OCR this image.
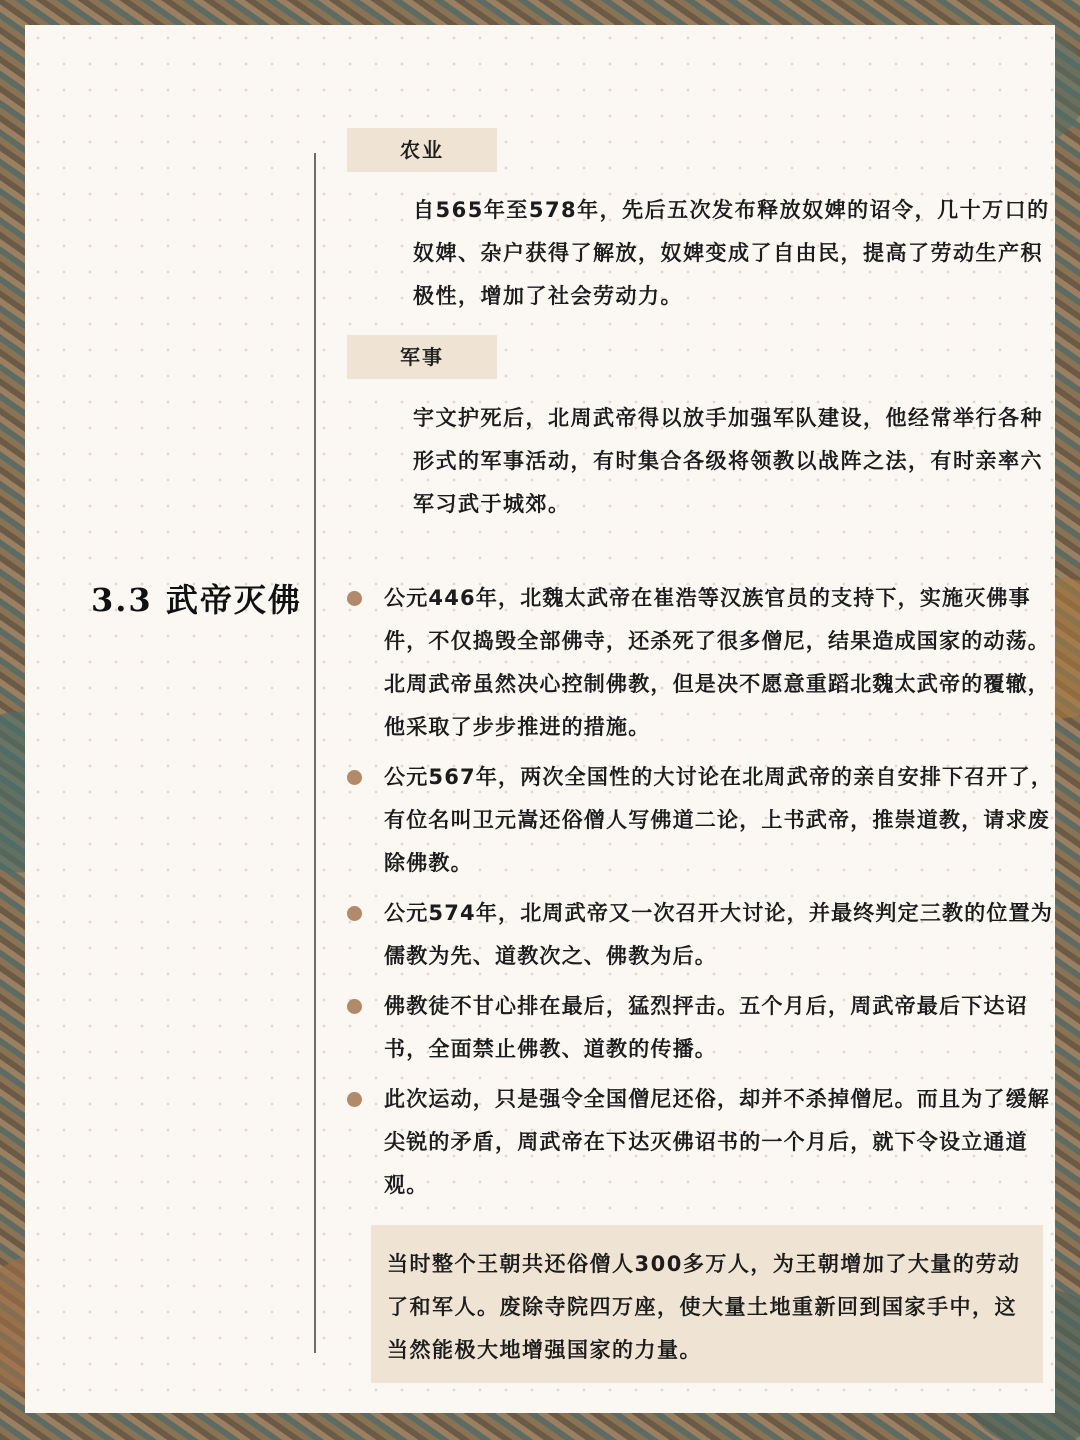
农业
自565年至578年，先后五次发布释放奴婢的诏令，几十万口的奴婢、杂户获得了解放，奴婢变成了自由民，提高了劳动生产积极性，增加了社会劳动力。
军事
宇文护死后，北周武帝得以放手加强军队建设，他经常举行各种形式的军事活动，有时集合各级将领教以战阵之法，有时亲率六军习武于城郊。
3.3 武帝灭佛	公元446年，北魏太武帝在崔浩等汉族官员的支持下，实施灭佛事件，不仅捣毁全部佛寺，还杀死了很多僧尼，结果造成国家的动荡。北周武帝虽然决心控制佛教，但是决不愿意重蹈北魏太武帝的覆辙，他采取了步步推进的措施。
公元567年，两次全国性的大讨论在北周武帝的亲自安排下召开了，有位名叫卫元嵩还俗僧人写佛道二论，上书武帝，推崇道教，请求废除佛教。
公元574年，北周武帝又一次召开大讨论，并最终判定三教的位置为儒教为先、道教次之、佛教为后。
佛教徒不甘心排在最后，猛烈抨击。五个月后，周武帝最后下达诏书，全面禁止佛教、道教的传播。
此次运动，只是强令全国僧尼还俗，却并不杀掉僧尼。而且为了缓解尖锐的矛盾，周武帝在下达灭佛诏书的一个月后，就下令设立通道观。
当时整个王朝共还俗僧人300多万人，为王朝增加了大量的劳动了和军人。废除寺院四万座，使大量土地重新回到国家手中，这当然能极大地增强国家的力量。
